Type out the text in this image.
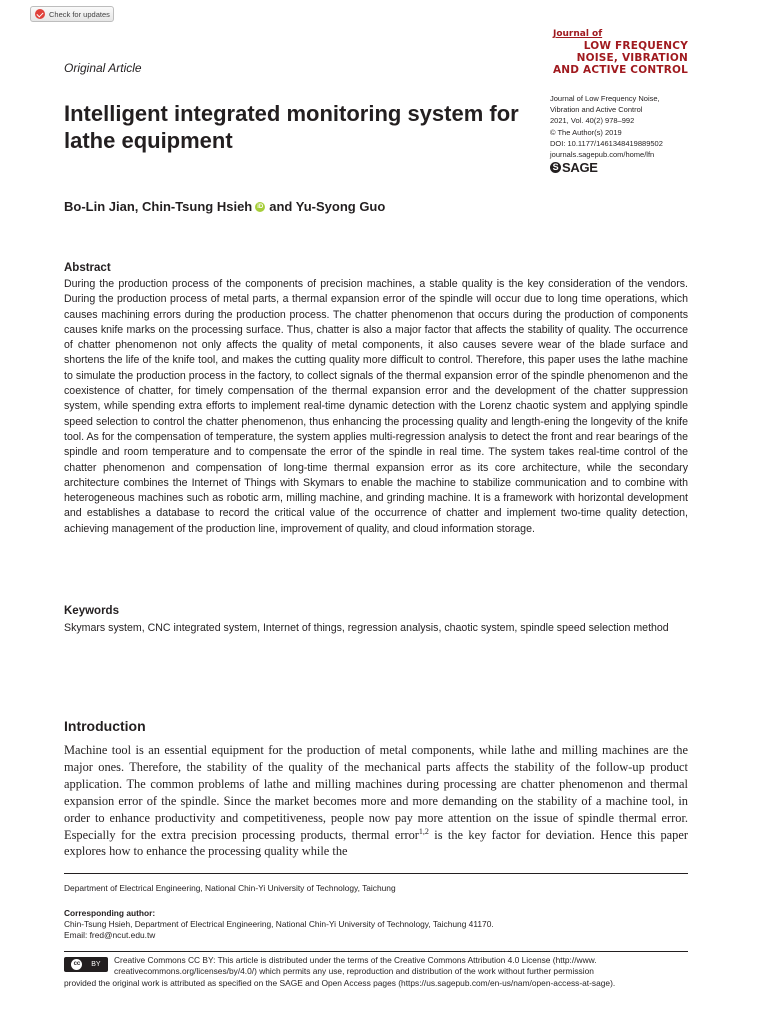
Check for updates
Journal of
LOW FREQUENCY
NOISE, VIBRATION
AND ACTIVE CONTROL
Original Article
Intelligent integrated monitoring system for lathe equipment
Journal of Low Frequency Noise,
Vibration and Active Control
2021, Vol. 40(2) 978–992
© The Author(s) 2019
DOI: 10.1177/1461348419889502
journals.sagepub.com/home/lfn
S SAGE
Bo-Lin Jian, Chin-Tsung Hsieh iD and Yu-Syong Guo
Abstract

During the production process of the components of precision machines, a stable quality is the key consideration of the vendors. During the production process of metal parts, a thermal expansion error of the spindle will occur due to long time operations, which causes machining errors during the production process. The chatter phenomenon that occurs during the production of components causes knife marks on the processing surface. Thus, chatter is also a major factor that affects the stability of quality. The occurrence of chatter phenomenon not only affects the quality of metal components, it also causes severe wear of the blade surface and shortens the life of the knife tool, and makes the cutting quality more difficult to control. Therefore, this paper uses the lathe machine to simulate the production process in the factory, to collect signals of the thermal expansion error of the spindle phenomenon and the coexistence of chatter, for timely compensation of the thermal expansion error and the development of the chatter suppression system, while spending extra efforts to implement real-time dynamic detection with the Lorenz chaotic system and applying spindle speed selection to control the chatter phenomenon, thus enhancing the processing quality and length-ening the longevity of the knife tool. As for the compensation of temperature, the system applies multi-regression analysis to detect the front and rear bearings of the spindle and room temperature and to compensate the error of the spindle in real time. The system takes real-time control of the chatter phenomenon and compensation of long-time thermal expansion error as its core architecture, while the secondary architecture combines the Internet of Things with Skymars to enable the machine to stabilize communication and to combine with heterogeneous machines such as robotic arm, milling machine, and grinding machine. It is a framework with horizontal development and establishes a database to record the critical value of the occurrence of chatter and implement two-time quality detection, achieving management of the production line, improvement of quality, and cloud information storage.

Keywords

Skymars system, CNC integrated system, Internet of things, regression analysis, chaotic system, spindle speed selection method

Introduction

Machine tool is an essential equipment for the production of metal components, while lathe and milling machines are the major ones. Therefore, the stability of the quality of the mechanical parts affects the stability of the follow-up product application. The common problems of lathe and milling machines during processing are chatter phenomenon and thermal expansion error of the spindle. Since the market becomes more and more demanding on the stability of a machine tool, in order to enhance productivity and competitiveness, people now pay more attention on the issue of spindle thermal error. Especially for the extra precision processing products, thermal error$^{1,2}$ is the key factor for deviation. Hence this paper explores how to enhance the processing quality while the

Department of Electrical Engineering, National Chin-Yi University of Technology, Taichung
Corresponding author:
Chin-Tsung Hsieh, Department of Electrical Engineering, National Chin-Yi University of Technology, Taichung 41170.
Email: fred@ncut.edu.tw
cc	BY Creative Commons CC BY: This article is distributed under the terms of the Creative Commons Attribution 4.0 License (http://www. creativecommons.org/licenses/by/4.0/) which permits any use, reproduction and distribution of the work without further permission

provided the original work is attributed as specified on the SAGE and Open Access pages (https://us.sagepub.com/en-us/nam/open-access-at-sage).
